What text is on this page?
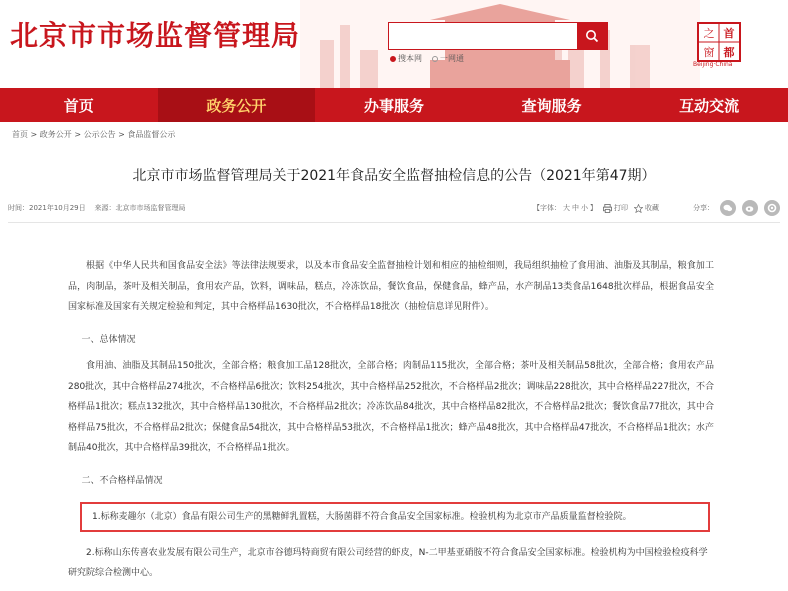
北京市市场监督管理局
搜本网 一网通
首
都
之
窗
Beijing·China
首页	政务公开	办事服务	查询服务	互动交流
首页 > 政务公开 > 公示公告 > 食品监督公示
北京市市场监督管理局关于2021年食品安全监督抽检信息的公告（2021年第47期）
时间：2021年10月29日 来源：北京市市场监督管理局	【字体： 大 中 小 】 打印 收藏	分享：

根据《中华人民共和国食品安全法》等法律法规要求，以及本市食品安全监督抽检计划和相应的抽检细则，我局组织抽检了食用油、油脂及其制品，粮食加工品，肉制品，茶叶及相关制品，食用农产品，饮料，调味品，糕点，冷冻饮品，餐饮食品，保健食品，蜂产品，水产制品13类食品1648批次样品，根据食品安全国家标准及国家有关规定检验和判定，其中合格样品1630批次，不合格样品18批次（抽检信息详见附件）。

一、总体情况

食用油、油脂及其制品150批次，全部合格；粮食加工品128批次，全部合格；肉制品115批次，全部合格；茶叶及相关制品58批次，全部合格；食用农产品280批次，其中合格样品274批次，不合格样品6批次；饮料254批次，其中合格样品252批次，不合格样品2批次；调味品228批次，其中合格样品227批次，不合格样品1批次；糕点132批次，其中合格样品130批次，不合格样品2批次；冷冻饮品84批次，其中合格样品82批次，不合格样品2批次；餐饮食品77批次，其中合格样品75批次，不合格样品2批次；保健食品54批次，其中合格样品53批次，不合格样品1批次；蜂产品48批次，其中合格样品47批次，不合格样品1批次；水产制品40批次，其中合格样品39批次，不合格样品1批次。

二、不合格样品情况

1.标称麦趣尔（北京）食品有限公司生产的黑糖鲜乳置糕，大肠菌群不符合食品安全国家标准。检验机构为北京市产品质量监督检验院。

2.标称山东传喜农业发展有限公司生产，北京市谷德玛特商贸有限公司经营的虾皮，N-二甲基亚硝胺不符合食品安全国家标准。检验机构为中国检验检疫科学研究院综合检测中心。
